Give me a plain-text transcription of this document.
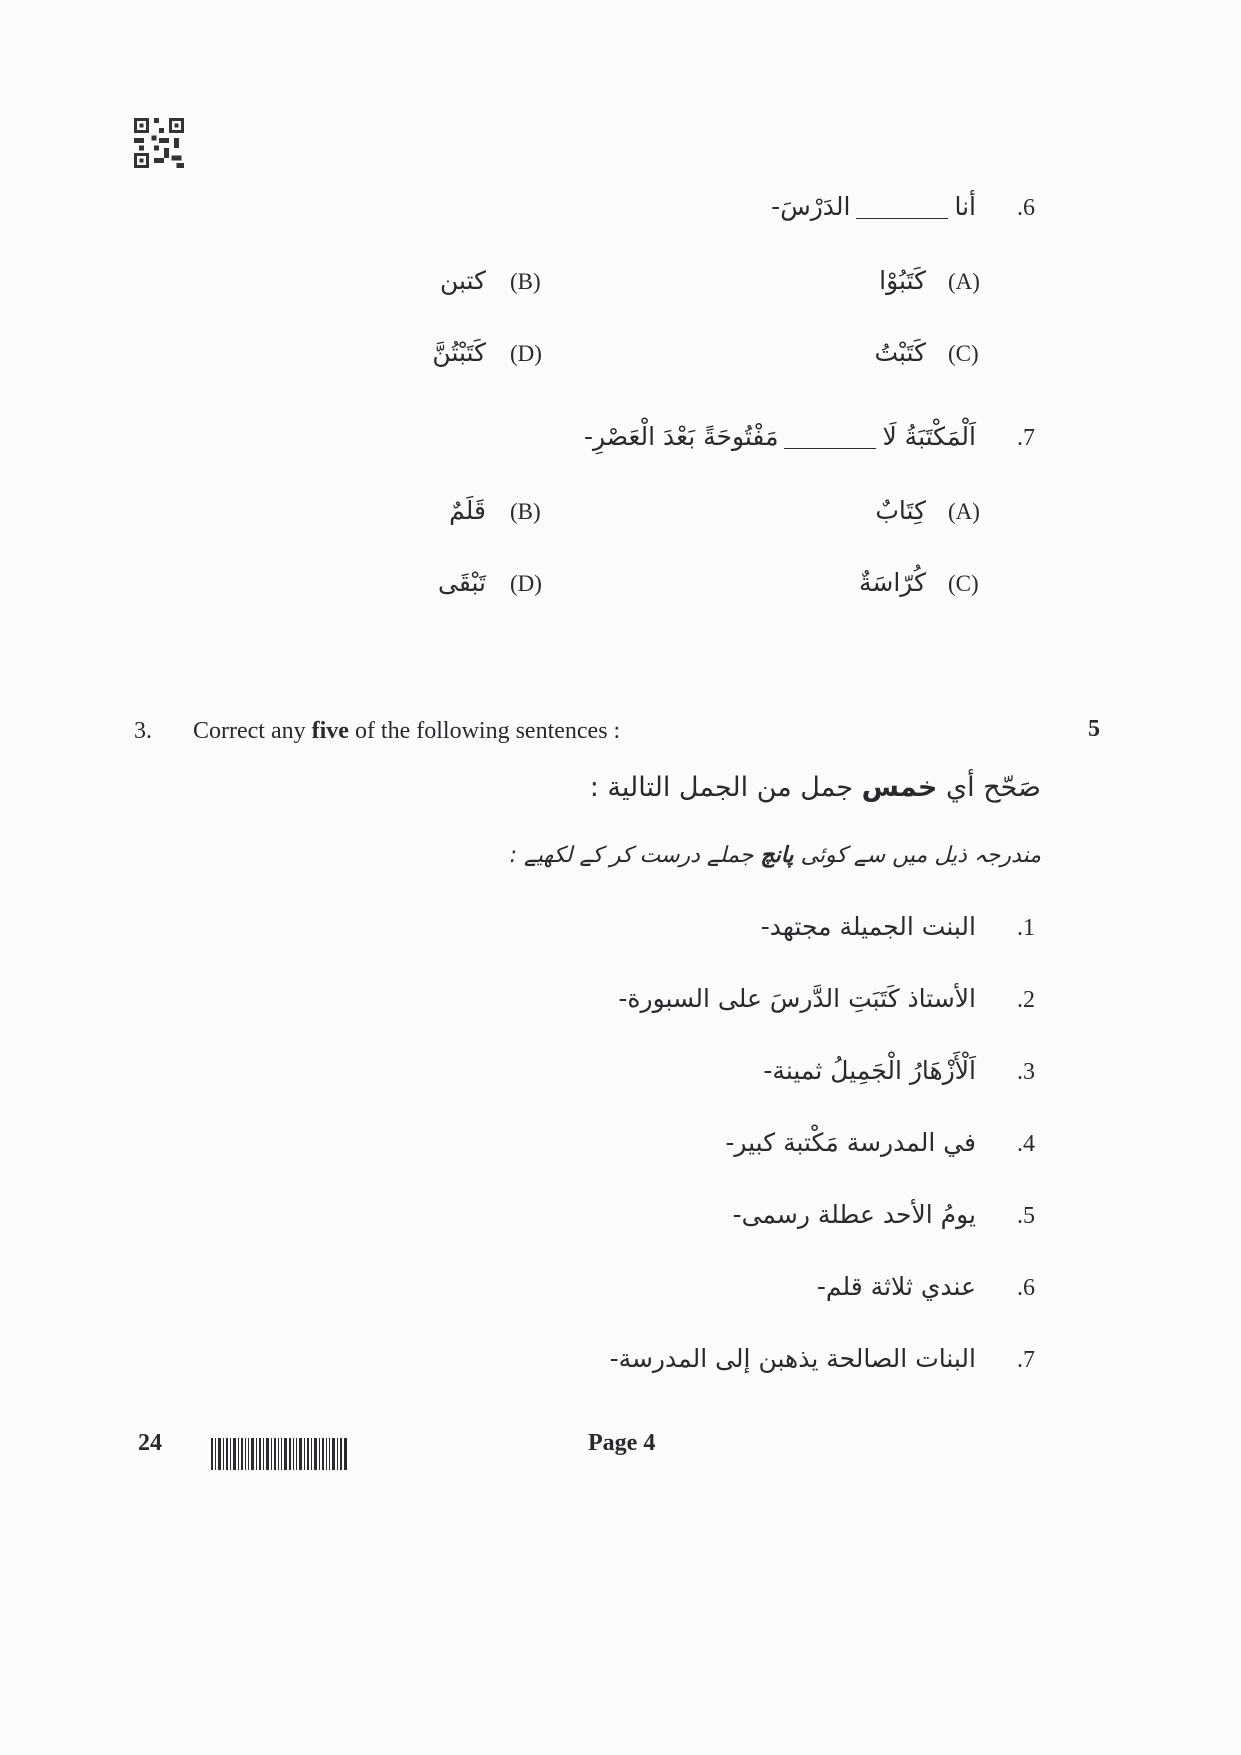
.6
أناالدَرْسَ-
(A)
كَتَبُوْا
(B)
كتبن
(C)
كَتَبْتُ
(D)
كَتَبْتُنَّ
.7
اَلْمَكْتَبَةُ لَامَفْتُوحَةً بَعْدَ الْعَصْرِ-
(A)
كِتَابٌ
(B)
قَلَمٌ
(C)
كُرّاسَةٌ
(D)
تَبْقَى
3. Correct any five of the following sentences :	5
صَحّح أي خمس جمل من الجمل التالية :
مندرجہ ذیل میں سے کوئی پانچ جملے درست کر کے لکھیے :
.1
البنت الجميلة مجتهد-
.2
الأستاذ كَتَبَتِ الدَّرسَ على السبورة-
.3
اَلْأَزْهَارُ الْجَمِيلُ ثمينة-
.4
في المدرسة مَكْتبة كبير-
.5
يومُ الأحد عطلة رسمى-
.6
عندي ثلاثة قلم-
.7
البنات الصالحة يذهبن إلى المدرسة-
24	Page 4
